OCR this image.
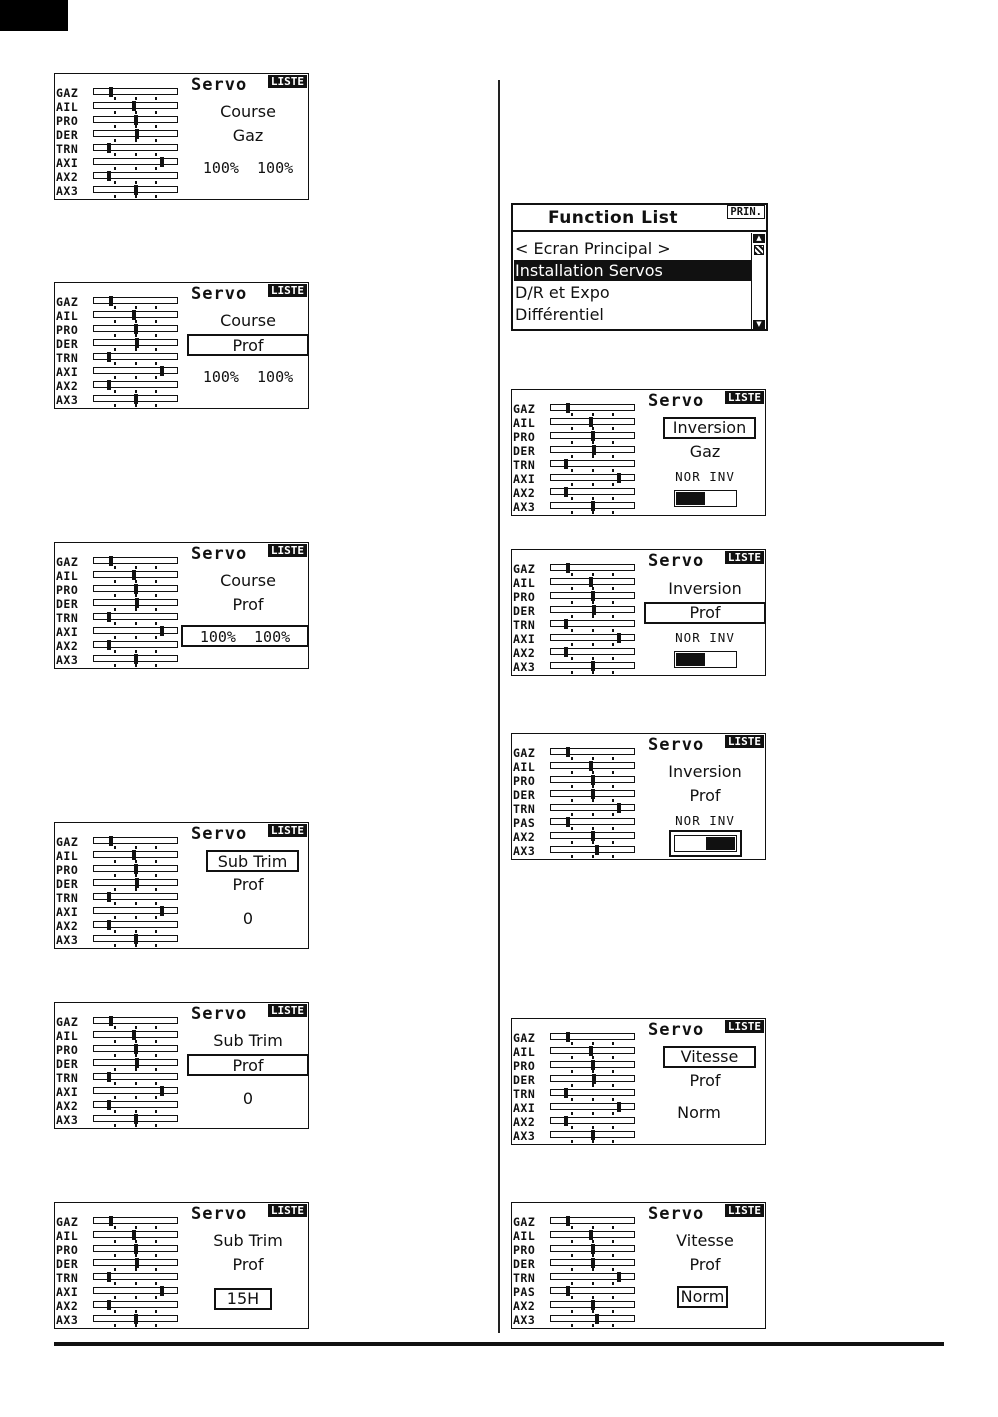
GAZ
AIL
PRO
DER
TRN
AXI
AX2
AX3
Servo LISTE
Course
Gaz
100%  100%
GAZ
AIL
PRO
DER
TRN
AXI
AX2
AX3
Servo LISTE
Course
Prof
100%  100%
GAZ
AIL
PRO
DER
TRN
AXI
AX2
AX3
Servo LISTE
Course
Prof
100%  100%
GAZ
AIL
PRO
DER
TRN
AXI
AX2
AX3
Servo LISTE
Sub Trim
Prof
0
GAZ
AIL
PRO
DER
TRN
AXI
AX2
AX3
Servo LISTE
Sub Trim
Prof
0
GAZ
AIL
PRO
DER
TRN
AXI
AX2
AX3
Servo LISTE
Sub Trim
Prof
15H
Function List	PRIN.
< Ecran Principal >
Installation Servos
D/R et Expo
Différentiel
▲
▼
GAZ
AIL
PRO
DER
TRN
AXI
AX2
AX3
Servo LISTE
Inversion
Gaz
NOR INV
GAZ
AIL
PRO
DER
TRN
AXI
AX2
AX3
Servo LISTE
Inversion
Prof
NOR INV
GAZ
AIL
PRO
DER
TRN
PAS
AX2
AX3
Servo LISTE
Inversion
Prof
NOR INV
GAZ
AIL
PRO
DER
TRN
AXI
AX2
AX3
Servo LISTE
Vitesse
Prof
Norm
GAZ
AIL
PRO
DER
TRN
PAS
AX2
AX3
Servo LISTE
Vitesse
Prof
Norm
